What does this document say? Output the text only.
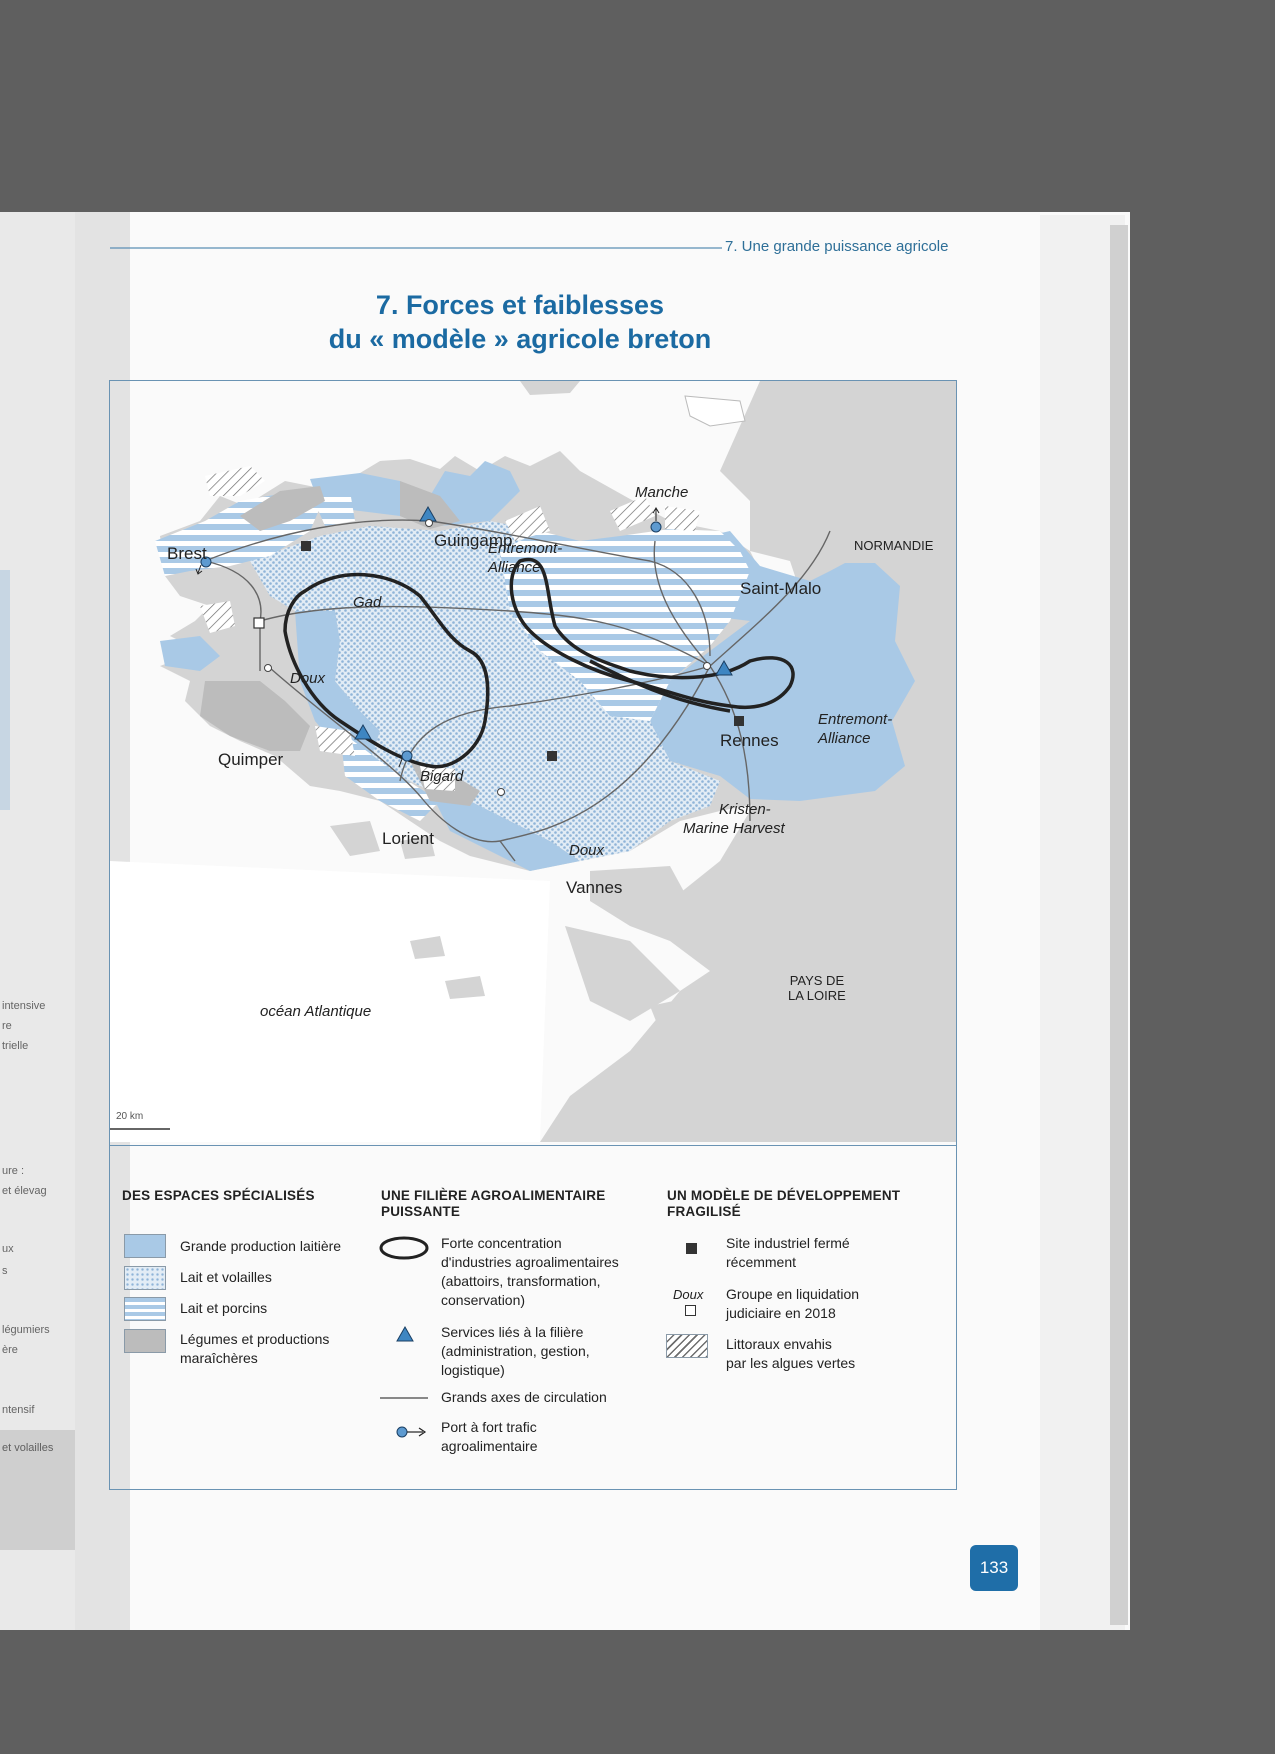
intensive
re
trielle
ure :
et élevag
ux
s
légumiers
ère
ntensif
et volailles
7. Une grande puissance agricole
7. Forces et faiblesses
du « modèle » agricole breton
Manche
NORMANDIE
PAYS DE
LA LOIRE
océan Atlantique
20 km
Brest
Quimper
Lorient
Vannes
Guingamp
Rennes
Saint-Malo
Gad
Doux
Doux
Entremont-
Alliance
Entremont-
Alliance
Bigard
Kristen-
Marine Harvest
DES ESPACES SPÉCIALISÉS
Grande production laitière
Lait et volailles
Lait et porcins
Légumes et productions
maraîchères
UNE FILIÈRE AGROALIMENTAIRE
PUISSANTE
Forte concentration
d'industries agroalimentaires
(abattoirs, transformation,
conservation)
Services liés à la filière
(administration, gestion,
logistique)
Grands axes de circulation
Port à fort trafic
agroalimentaire
UN MODÈLE DE DÉVELOPPEMENT
FRAGILISÉ
Site industriel fermé
récemment
Doux Groupe en liquidation
judiciaire en 2018
Littoraux envahis
par les algues vertes
133
